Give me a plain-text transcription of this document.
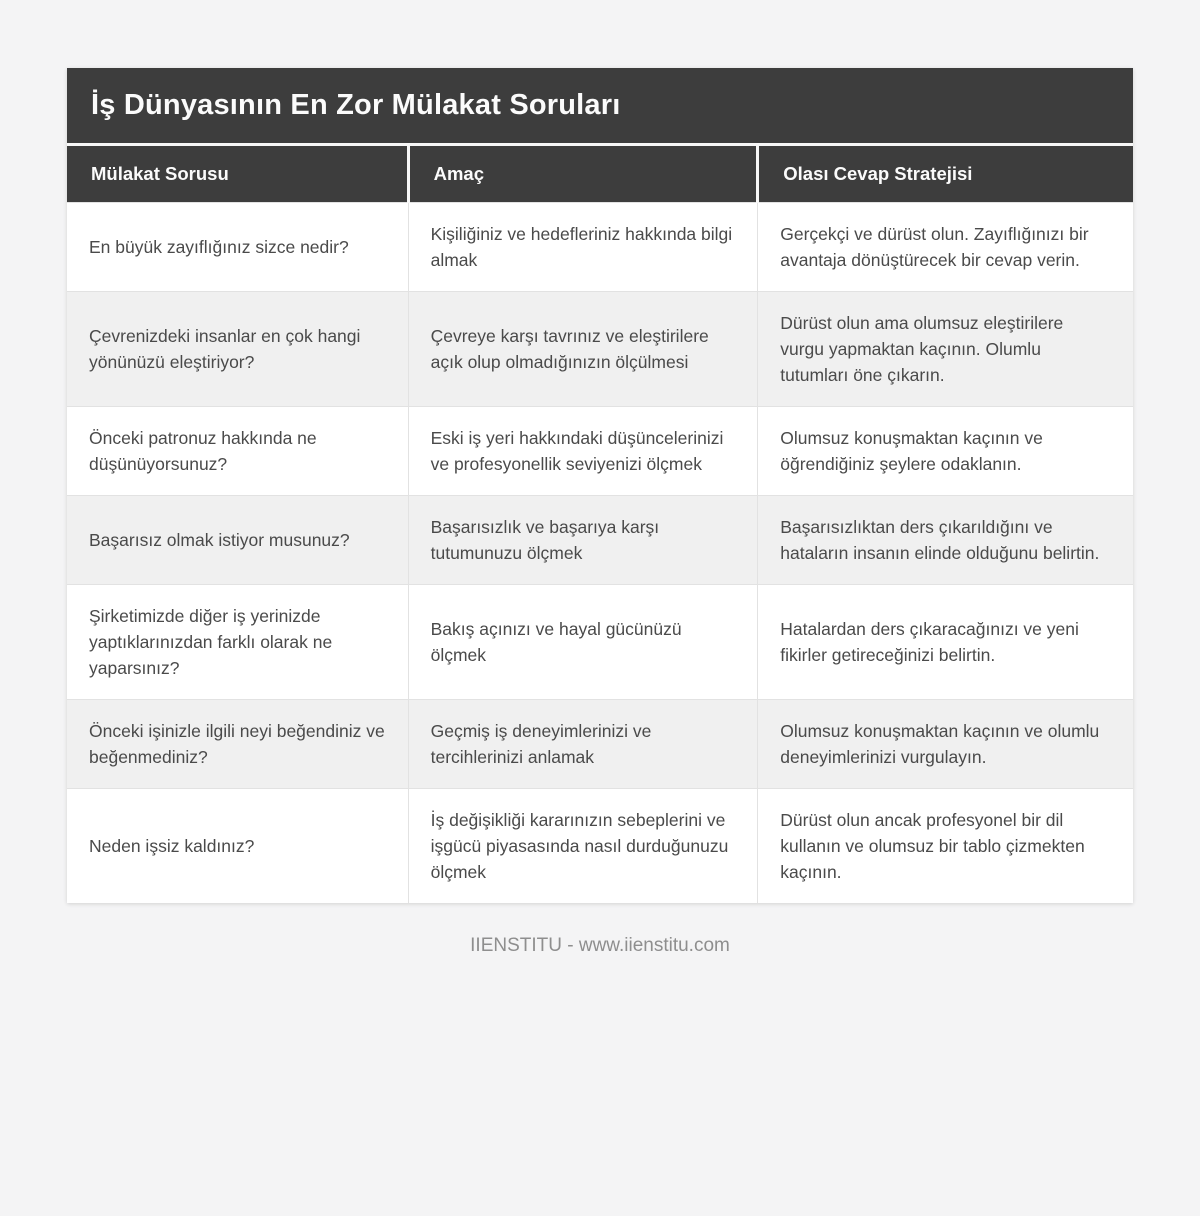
İş Dünyasının En Zor Mülakat Soruları
Mülakat Sorusu	Amaç	Olası Cevap Stratejisi
En büyük zayıflığınız sizce nedir?	Kişiliğiniz ve hedefleriniz hakkında bilgi almak	Gerçekçi ve dürüst olun. Zayıflığınızı bir avantaja dönüştürecek bir cevap verin.
Çevrenizdeki insanlar en çok hangi yönünüzü eleştiriyor?	Çevreye karşı tavrınız ve eleştirilere açık olup olmadığınızın ölçülmesi	Dürüst olun ama olumsuz eleştirilere vurgu yapmaktan kaçının. Olumlu tutumları öne çıkarın.
Önceki patronuz hakkında ne düşünüyorsunuz?	Eski iş yeri hakkındaki düşüncelerinizi ve profesyonellik seviyenizi ölçmek	Olumsuz konuşmaktan kaçının ve öğrendiğiniz şeylere odaklanın.
Başarısız olmak istiyor musunuz?	Başarısızlık ve başarıya karşı tutumunuzu ölçmek	Başarısızlıktan ders çıkarıldığını ve hataların insanın elinde olduğunu belirtin.
Şirketimizde diğer iş yerinizde yaptıklarınızdan farklı olarak ne yaparsınız?	Bakış açınızı ve hayal gücünüzü ölçmek	Hatalardan ders çıkaracağınızı ve yeni fikirler getireceğinizi belirtin.
Önceki işinizle ilgili neyi beğendiniz ve beğenmediniz?	Geçmiş iş deneyimlerinizi ve tercihlerinizi anlamak	Olumsuz konuşmaktan kaçının ve olumlu deneyimlerinizi vurgulayın.
Neden işsiz kaldınız?	İş değişikliği kararınızın sebeplerini ve işgücü piyasasında nasıl durduğunuzu ölçmek	Dürüst olun ancak profesyonel bir dil kullanın ve olumsuz bir tablo çizmekten kaçının.
IIENSTITU - www.iienstitu.com
